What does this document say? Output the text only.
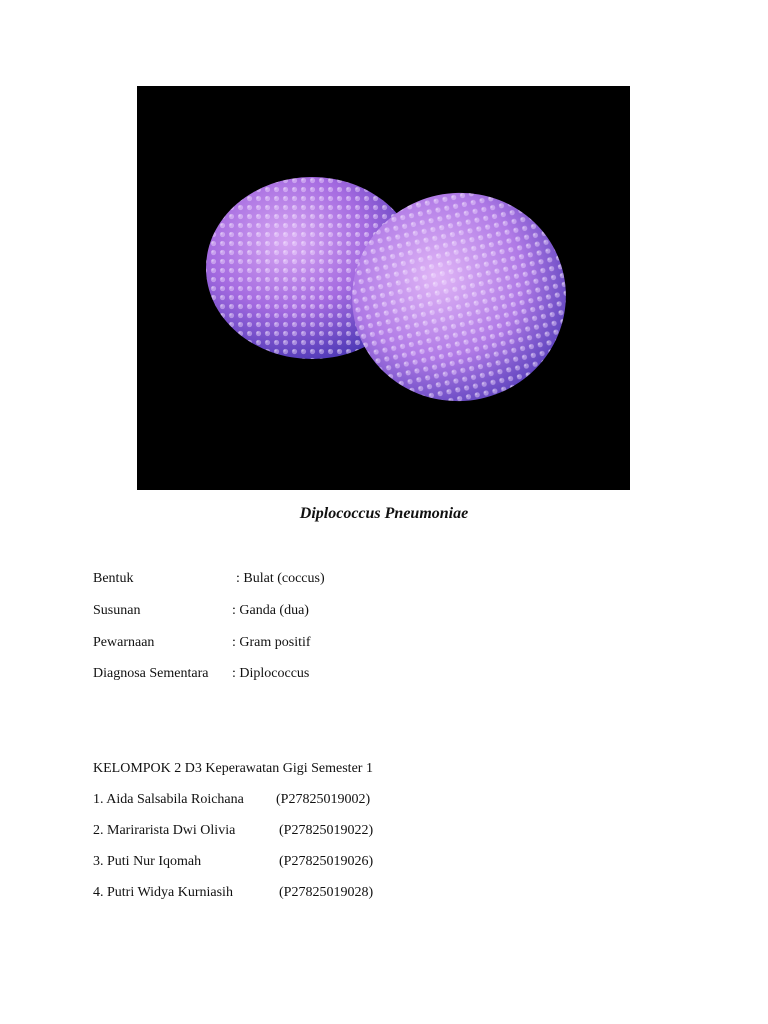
Diplococcus Pneumoniae
Bentuk	: Bulat (coccus)
Susunan	: Ganda (dua)
Pewarnaan	: Gram positif
Diagnosa Sementara : Diplococcus
KELOMPOK 2 D3 Keperawatan Gigi Semester 1
1. Aida Salsabila Roichana (P27825019002)
2. Marirarista Dwi Olivia	(P27825019022)
3. Puti Nur Iqomah	(P27825019026)
4. Putri Widya Kurniasih	(P27825019028)
